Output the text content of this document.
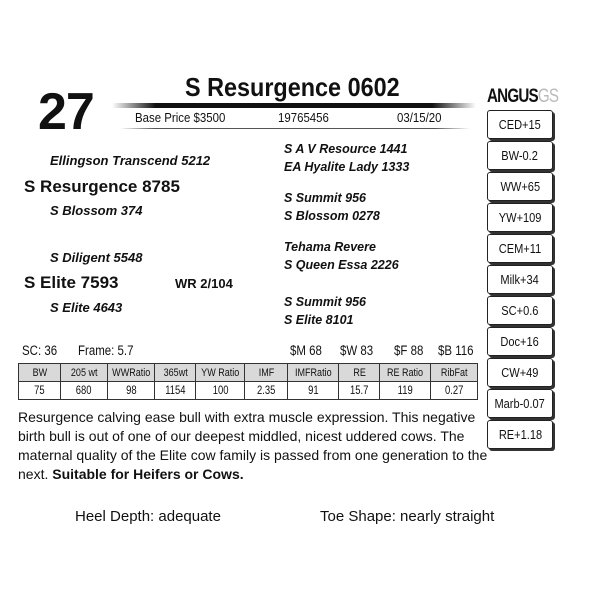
27	S Resurgence 0602
Base Price $3500	19765456	03/15/20
Ellingson Transcend 5212
S Resurgence 8785
S Blossom 374
S Diligent 5548
S Elite 7593	WR 2/104
S Elite 4643
S A V Resource 1441
EA Hyalite Lady 1333
S Summit 956
S Blossom 0278
Tehama Revere
S Queen Essa 2226
S Summit 956
S Elite 8101
ANGUSGS
CED+15
BW-0.2
WW+65
YW+109
CEM+11
Milk+34
SC+0.6
Doc+16
CW+49
Marb-0.07
RE+1.18
SC: 36 Frame: 5.7	$M 68 $W 83 $F 88 $B 116
BW	205 wt	WWRatio	365wt	YW Ratio	IMF	IMFRatio	RE	RE Ratio	RibFat
75	680	98	1154	100	2.35	91	15.7	119	0.27
Resurgence calving ease bull with extra muscle expression. This negative birth bull is out of one of our deepest middled, nicest uddered cows. The maternal quality of the Elite cow family is passed from one generation to the next. Suitable for Heifers or Cows.
Heel Depth: adequate	Toe Shape: nearly straight
